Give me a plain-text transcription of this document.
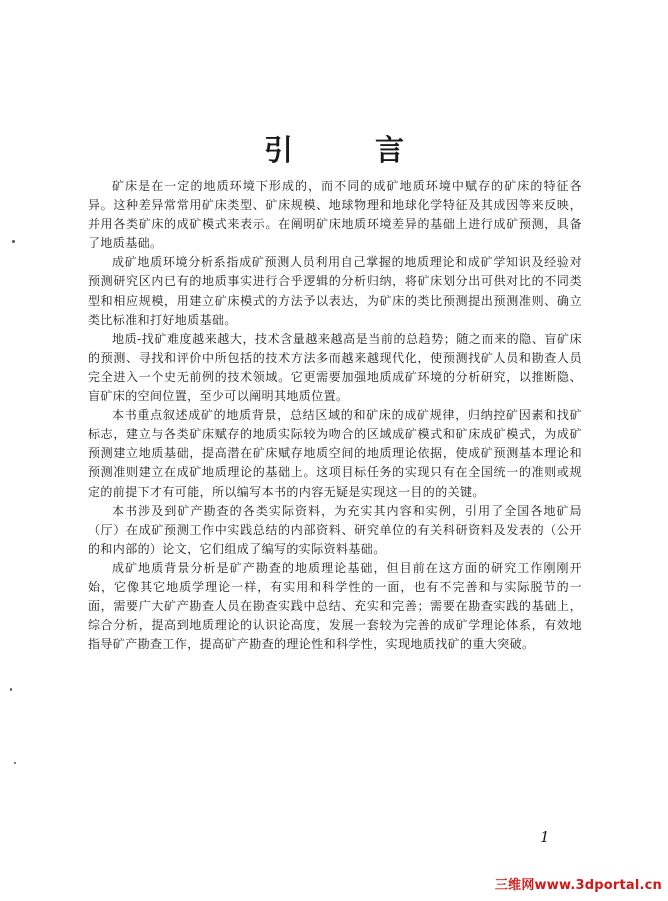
引 言

矿床是在一定的地质环境下形成的，而不同的成矿地质环境中赋存的矿床的特征各异。这种差异常常用矿床类型、矿床规模、地球物理和地球化学特征及其成因等来反映，并用各类矿床的成矿模式来表示。在阐明矿床地质环境差异的基础上进行成矿预测，具备了地质基础。

成矿地质环境分析系指成矿预测人员利用自己掌握的地质理论和成矿学知识及经验对预测研究区内已有的地质事实进行合乎逻辑的分析归纳，将矿床划分出可供对比的不同类型和相应规模，用建立矿床模式的方法予以表达，为矿床的类比预测提出预测准则、确立类比标准和打好地质基础。

地质-找矿难度越来越大，技术含量越来越高是当前的总趋势；随之而来的隐、盲矿床的预测、寻找和评价中所包括的技术方法多而越来越现代化，使预测找矿人员和勘查人员完全进入一个史无前例的技术领域。它更需要加强地质成矿环境的分析研究，以推断隐、盲矿床的空间位置，至少可以阐明其地质位置。

本书重点叙述成矿的地质背景，总结区域的和矿床的成矿规律，归纳控矿因素和找矿标志，建立与各类矿床赋存的地质实际较为吻合的区域成矿模式和矿床成矿模式，为成矿预测建立地质基础，提高潜在矿床赋存地质空间的地质理论依据，使成矿预测基本理论和预测准则建立在成矿地质理论的基础上。这项目标任务的实现只有在全国统一的准则或规定的前提下才有可能，所以编写本书的内容无疑是实现这一目的的关键。

本书涉及到矿产勘查的各类实际资料，为充实其内容和实例，引用了全国各地矿局（厅）在成矿预测工作中实践总结的内部资料、研究单位的有关科研资料及发表的（公开的和内部的）论文，它们组成了编写的实际资料基础。

成矿地质背景分析是矿产勘查的地质理论基础，但目前在这方面的研究工作刚刚开始，它像其它地质学理论一样，有实用和科学性的一面，也有不完善和与实际脱节的一面，需要广大矿产勘查人员在勘查实践中总结、充实和完善；需要在勘查实践的基础上，综合分析，提高到地质理论的认识论高度，发展一套较为完善的成矿学理论体系，有效地指导矿产勘查工作，提高矿产勘查的理论性和科学性，实现地质找矿的重大突破。

1
三维网www.3dportal.cn
